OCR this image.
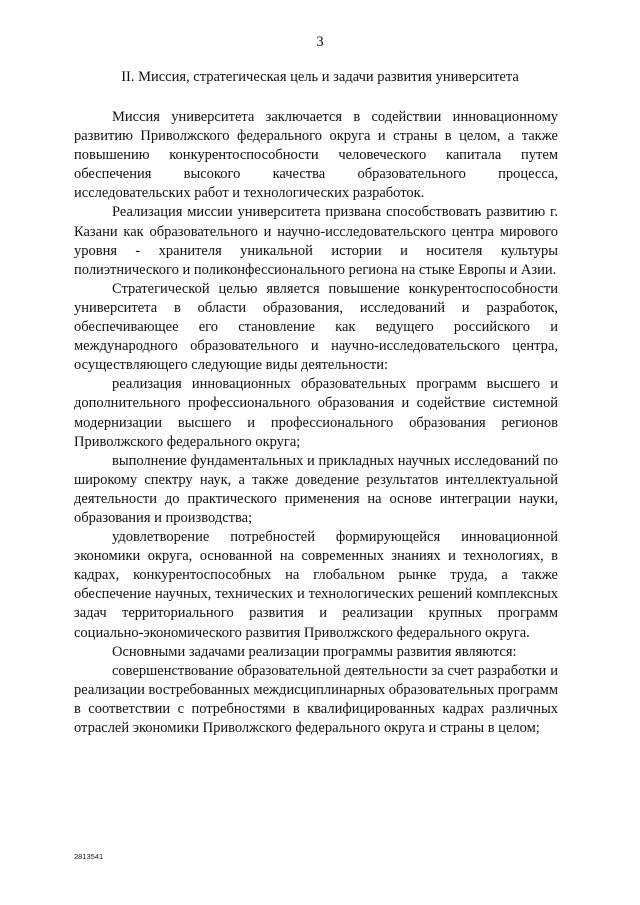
3
II. Миссия, стратегическая цель и задачи развития университета

Миссия университета заключается в содействии инновационному развитию Приволжского федерального округа и страны в целом, а также повышению конкурентоспособности человеческого капитала путем обеспечения высокого качества образовательного процесса, исследовательских работ и технологических разработок.

Реализация миссии университета призвана способствовать развитию г. Казани как образовательного и научно-исследовательского центра мирового уровня - хранителя уникальной истории и носителя культуры полиэтнического и поликонфессионального региона на стыке Европы и Азии.

Стратегической целью является повышение конкурентоспособности университета в области образования, исследований и разработок, обеспечивающее его становление как ведущего российского и международного образовательного и научно-исследовательского центра, осуществляющего следующие виды деятельности:

реализация инновационных образовательных программ высшего и дополнительного профессионального образования и содействие системной модернизации высшего и профессионального образования регионов Приволжского федерального округа;

выполнение фундаментальных и прикладных научных исследований по широкому спектру наук, а также доведение результатов интеллектуальной деятельности до практического применения на основе интеграции науки, образования и производства;

удовлетворение потребностей формирующейся инновационной экономики округа, основанной на современных знаниях и технологиях, в кадрах, конкурентоспособных на глобальном рынке труда, а также обеспечение научных, технических и технологических решений комплексных задач территориального развития и реализации крупных программ социально-экономического развития Приволжского федерального округа.

Основными задачами реализации программы развития являются:

совершенствование образовательной деятельности за счет разработки и реализации востребованных междисциплинарных образовательных программ в соответствии с потребностями в квалифицированных кадрах различных отраслей экономики Приволжского федерального округа и страны в целом;

2813541
